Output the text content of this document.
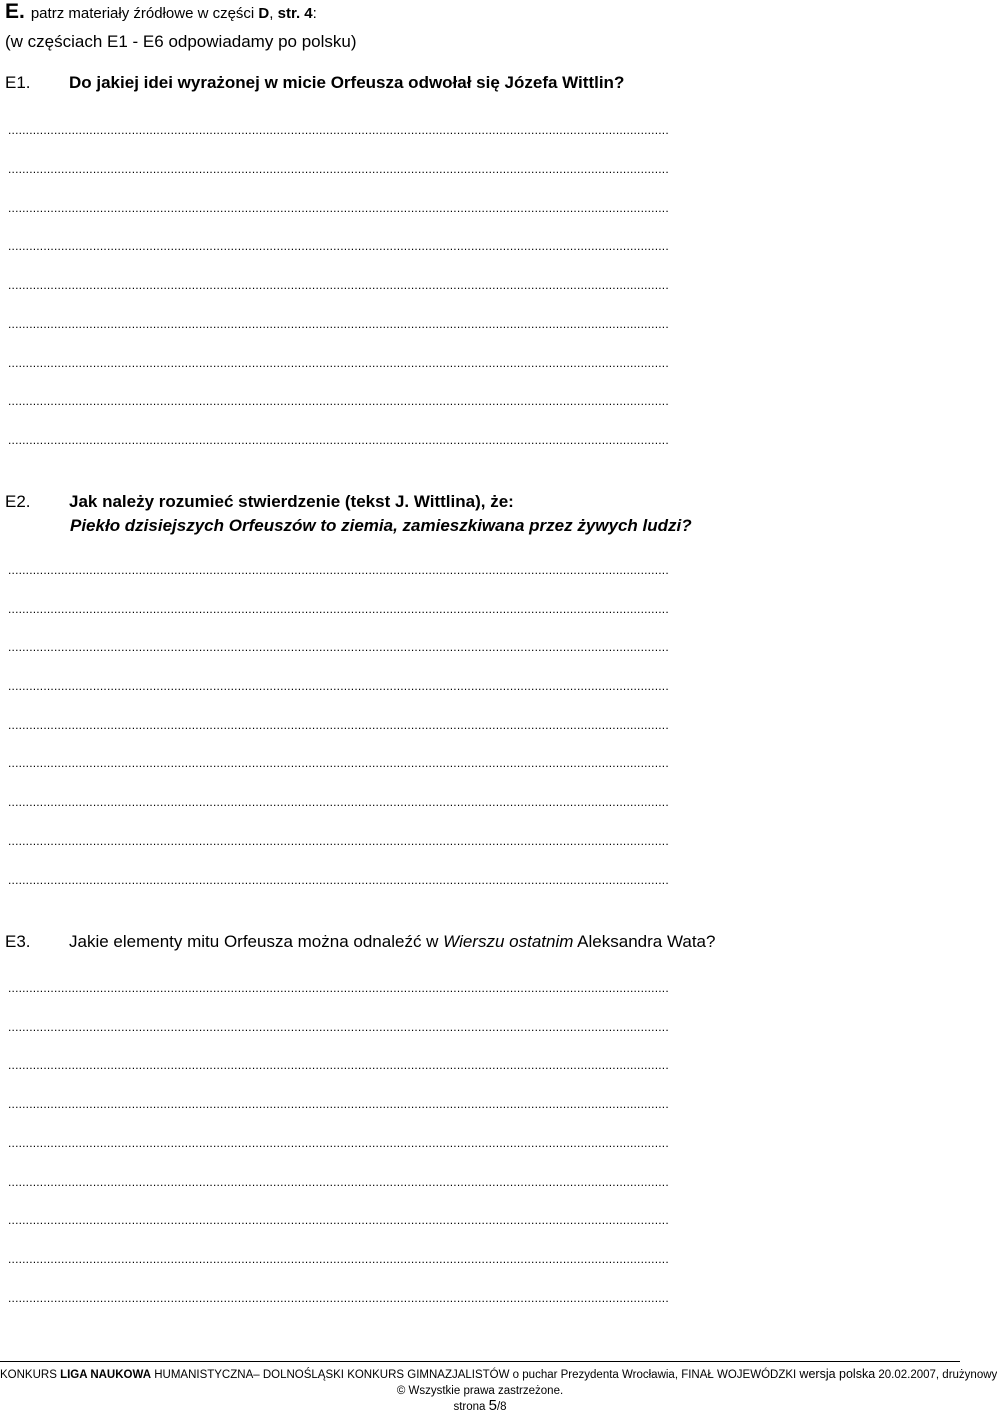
E. patrz materiały źródłowe w części D, str. 4:
(w częściach E1 - E6 odpowiadamy po polsku)
E1. Do jakiej idei wyrażonej w micie Orfeusza odwołał się Józefa Wittlin?
...........................................................................................................................................................................................
...........................................................................................................................................................................................
...........................................................................................................................................................................................
...........................................................................................................................................................................................
...........................................................................................................................................................................................
...........................................................................................................................................................................................
...........................................................................................................................................................................................
...........................................................................................................................................................................................
...........................................................................................................................................................................................
E2. Jak należy rozumieć stwierdzenie (tekst J. Wittlina), że:
Piekło dzisiejszych Orfeuszów to ziemia, zamieszkiwana przez żywych ludzi?
...........................................................................................................................................................................................
...........................................................................................................................................................................................
...........................................................................................................................................................................................
...........................................................................................................................................................................................
...........................................................................................................................................................................................
...........................................................................................................................................................................................
...........................................................................................................................................................................................
...........................................................................................................................................................................................
...........................................................................................................................................................................................
E3. Jakie elementy mitu Orfeusza można odnaleźć w Wierszu ostatnim Aleksandra Wata?
...........................................................................................................................................................................................
...........................................................................................................................................................................................
...........................................................................................................................................................................................
...........................................................................................................................................................................................
...........................................................................................................................................................................................
...........................................................................................................................................................................................
...........................................................................................................................................................................................
...........................................................................................................................................................................................
...........................................................................................................................................................................................
KONKURS LIGA NAUKOWA HUMANISTYCZNA– DOLNOŚLĄSKI KONKURS GIMNAZJALISTÓW o puchar Prezydenta Wrocławia, FINAŁ WOJEWÓDZKI wersja polska 20.02.2007, drużynowy
© Wszystkie prawa zastrzeżone.
strona 5/8
